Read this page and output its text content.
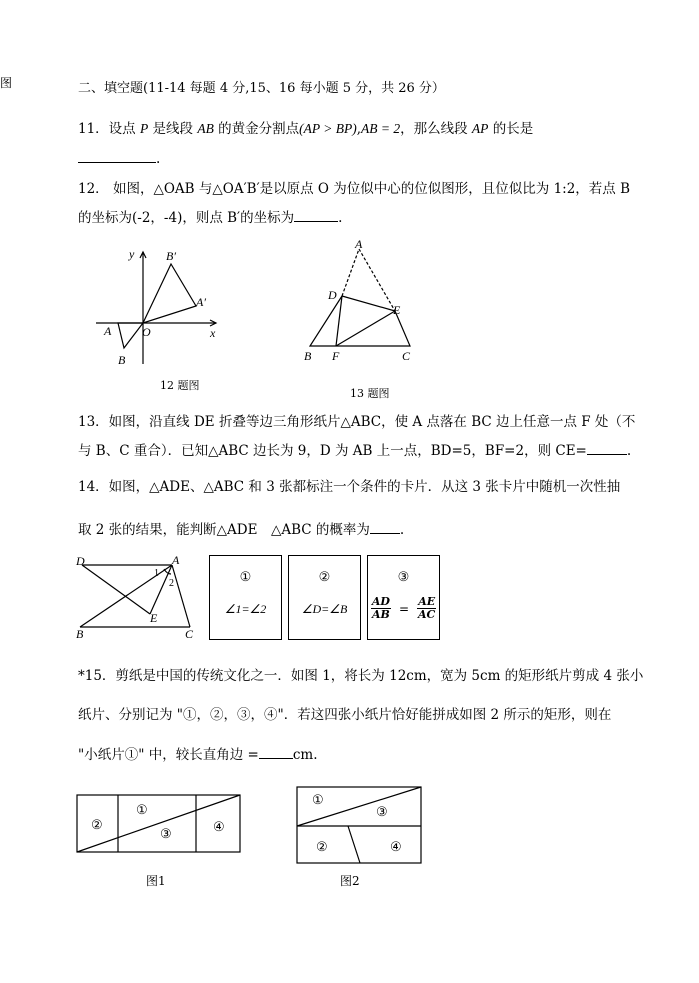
图	二、填空题(11-14 每题 4 分,15、16 每小题 5 分，共 26 分）
11．设点 P 是线段 AB 的黄金分割点(AP > BP),AB = 2，那么线段 AP 的长是
.
12． 如图，△OAB 与△OA′B′是以原点 O 为位似中心的位似图形，且位似比为 1:2，若点 B
的坐标为(-2，-4)，则点 B′的坐标为	.
y
x
O
A
B
B′
A′
12 题图
A
D
E
B F	C
13 题图
13．如图，沿直线 DE 折叠等边三角形纸片△ABC，使 A 点落在 BC 边上任意一点 F 处（不
与 B、C 重合）．已知△ABC 边长为 9，D 为 AB 上一点，BD=5，BF=2，则 CE=	.
14．如图，△ADE、△ABC 和 3 张都标注一个条件的卡片．从这 3 张卡片中随机一次性抽
取 2 张的结果，能判断△ADE　△ABC 的概率为 .
D	A
1
2
E
B	C
①
∠1=∠2
②
∠D=∠B
③
$\frac{AD}{AB} = \frac{AE}{AC}$
*15．剪纸是中国的传统文化之一．如图 1，将长为 12cm，宽为 5cm 的矩形纸片剪成 4 张小
纸片、分别记为 "①，②，③，④"．若这四张小纸片恰好能拼成如图 2 所示的矩形，则在
"小纸片①" 中，较长直角边 =	cm.
①
②
③	④
图1
①
③
②	④
图2
